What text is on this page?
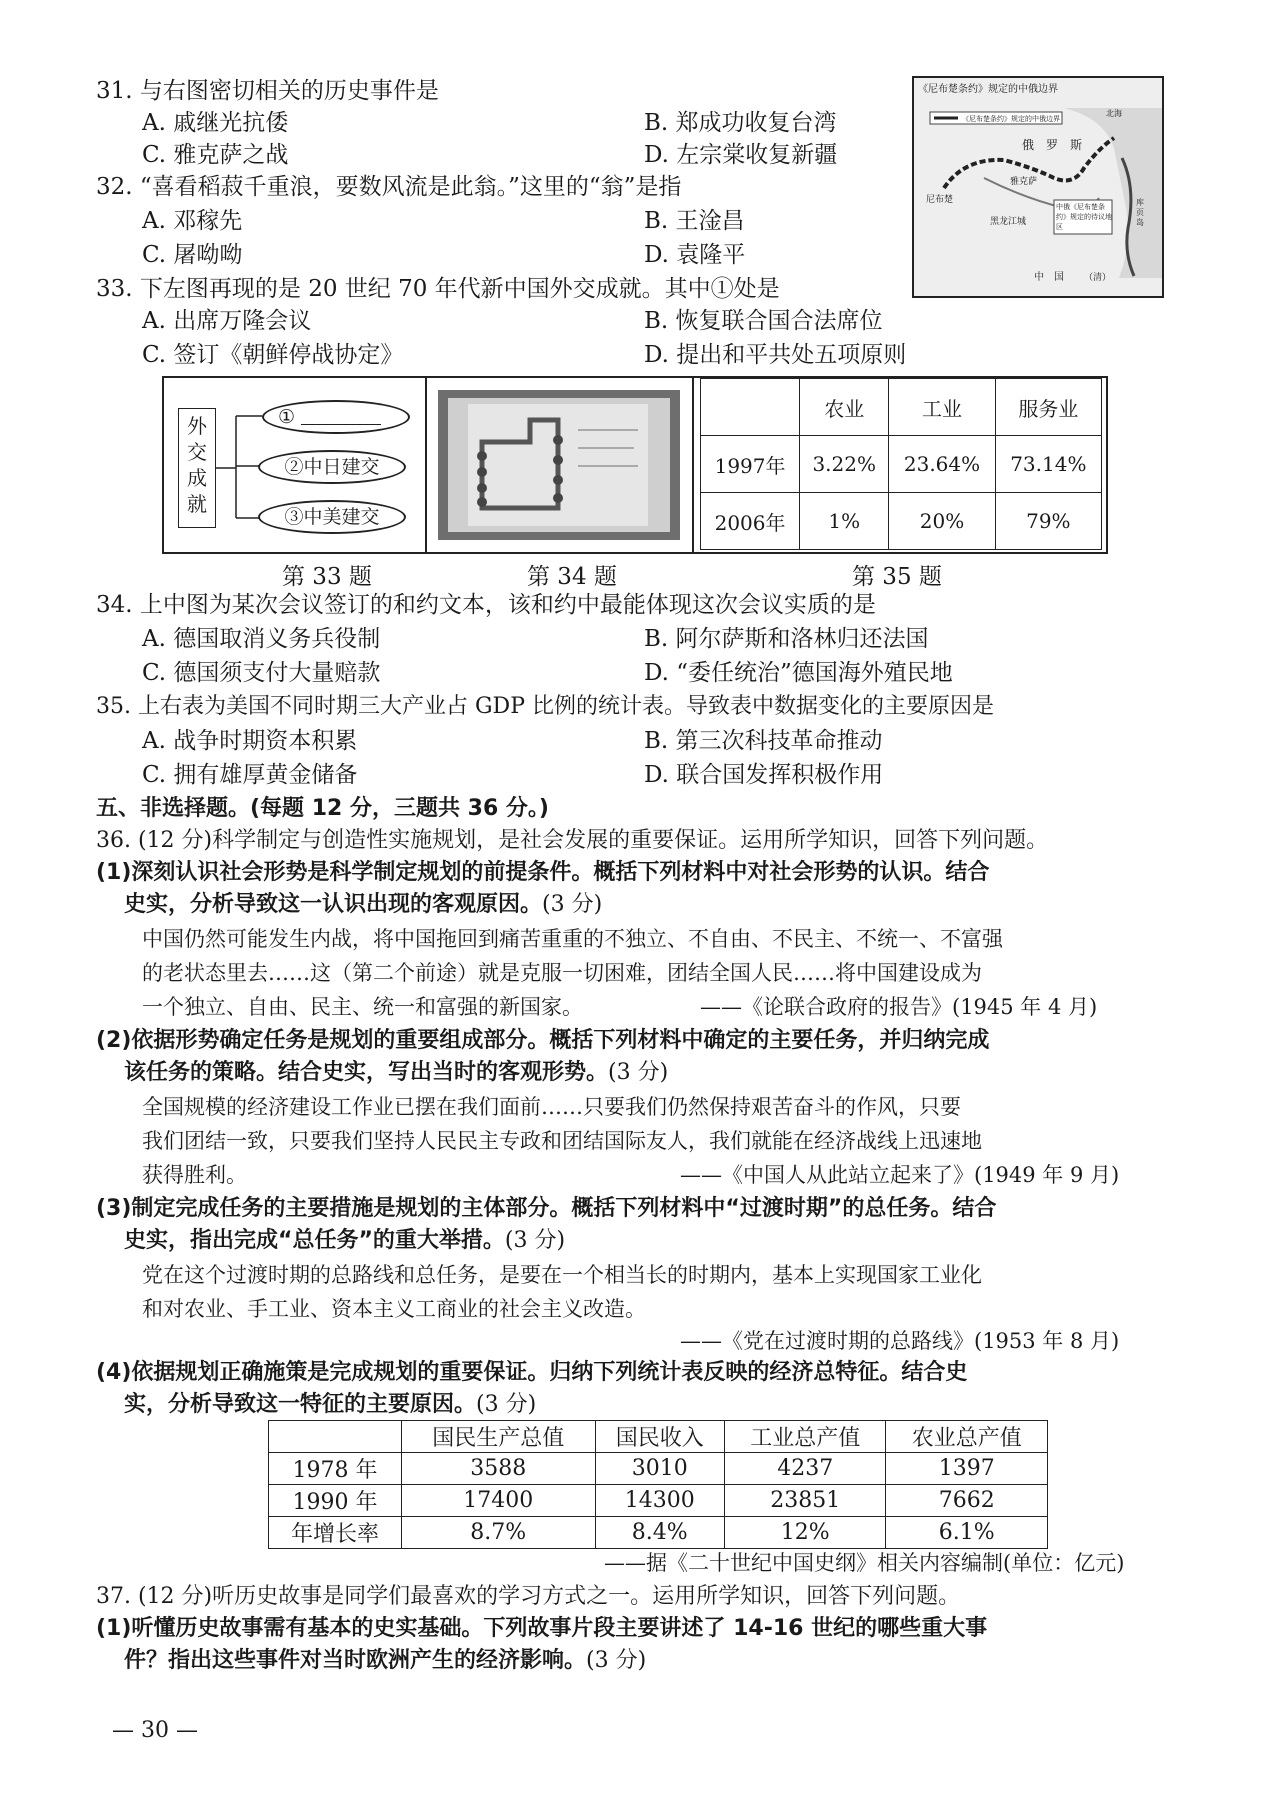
31. 与右图密切相关的历史事件是
A. 戚继光抗倭	B. 郑成功收复台湾
C. 雅克萨之战	D. 左宗棠收复新疆
32. “喜看稻菽千重浪，要数风流是此翁。”这里的“翁”是指
A. 邓稼先	B. 王淦昌
C. 屠呦呦	D. 袁隆平
33. 下左图再现的是 20 世纪 70 年代新中国外交成就。其中①处是
A. 出席万隆会议	B. 恢复联合国合法席位
C. 签订《朝鲜停战协定》	D. 提出和平共处五项原则
《尼布楚条约》规定的中俄边界
《尼布楚条约》规定的中俄边界
俄　罗　斯
雅克萨
尼布楚
黑龙江城
中俄《尼布楚条约》规定的待议地区
中　国 （清）
库页岛
北海
外交成就
①
②中日建交
③中美建交
	农业	工业	服务业
1997年	3.22%	23.64%	73.14%
2006年	1%	20%	79%
第 33 题	第 34 题	第 35 题
34. 上中图为某次会议签订的和约文本，该和约中最能体现这次会议实质的是
A. 德国取消义务兵役制	B. 阿尔萨斯和洛林归还法国
C. 德国须支付大量赔款	D. “委任统治”德国海外殖民地
35. 上右表为美国不同时期三大产业占 GDP 比例的统计表。导致表中数据变化的主要原因是
A. 战争时期资本积累	B. 第三次科技革命推动
C. 拥有雄厚黄金储备	D. 联合国发挥积极作用
五、非选择题。(每题 12 分，三题共 36 分。)
36. (12 分)科学制定与创造性实施规划，是社会发展的重要保证。运用所学知识，回答下列问题。
(1)深刻认识社会形势是科学制定规划的前提条件。概括下列材料中对社会形势的认识。结合
史实，分析导致这一认识出现的客观原因。(3 分)
中国仍然可能发生内战，将中国拖回到痛苦重重的不独立、不自由、不民主、不统一、不富强
的老状态里去……这（第二个前途）就是克服一切困难，团结全国人民……将中国建设成为
一个独立、自由、民主、统一和富强的新国家。	——《论联合政府的报告》(1945 年 4 月)
(2)依据形势确定任务是规划的重要组成部分。概括下列材料中确定的主要任务，并归纳完成
该任务的策略。结合史实，写出当时的客观形势。(3 分)
全国规模的经济建设工作业已摆在我们面前……只要我们仍然保持艰苦奋斗的作风，只要
我们团结一致，只要我们坚持人民民主专政和团结国际友人，我们就能在经济战线上迅速地
获得胜利。	——《中国人从此站立起来了》(1949 年 9 月)
(3)制定完成任务的主要措施是规划的主体部分。概括下列材料中“过渡时期”的总任务。结合
史实，指出完成“总任务”的重大举措。(3 分)
党在这个过渡时期的总路线和总任务，是要在一个相当长的时期内，基本上实现国家工业化
和对农业、手工业、资本主义工商业的社会主义改造。
——《党在过渡时期的总路线》(1953 年 8 月)
(4)依据规划正确施策是完成规划的重要保证。归纳下列统计表反映的经济总特征。结合史
实，分析导致这一特征的主要原因。(3 分)
	国民生产总值	国民收入	工业总产值	农业总产值
1978 年	3588	3010	4237	1397
1990 年	17400	14300	23851	7662
年增长率	8.7%	8.4%	12%	6.1%
——据《二十世纪中国史纲》相关内容编制(单位：亿元)
37. (12 分)听历史故事是同学们最喜欢的学习方式之一。运用所学知识，回答下列问题。
(1)听懂历史故事需有基本的史实基础。下列故事片段主要讲述了 14-16 世纪的哪些重大事
件？指出这些事件对当时欧洲产生的经济影响。(3 分)
— 30 —
